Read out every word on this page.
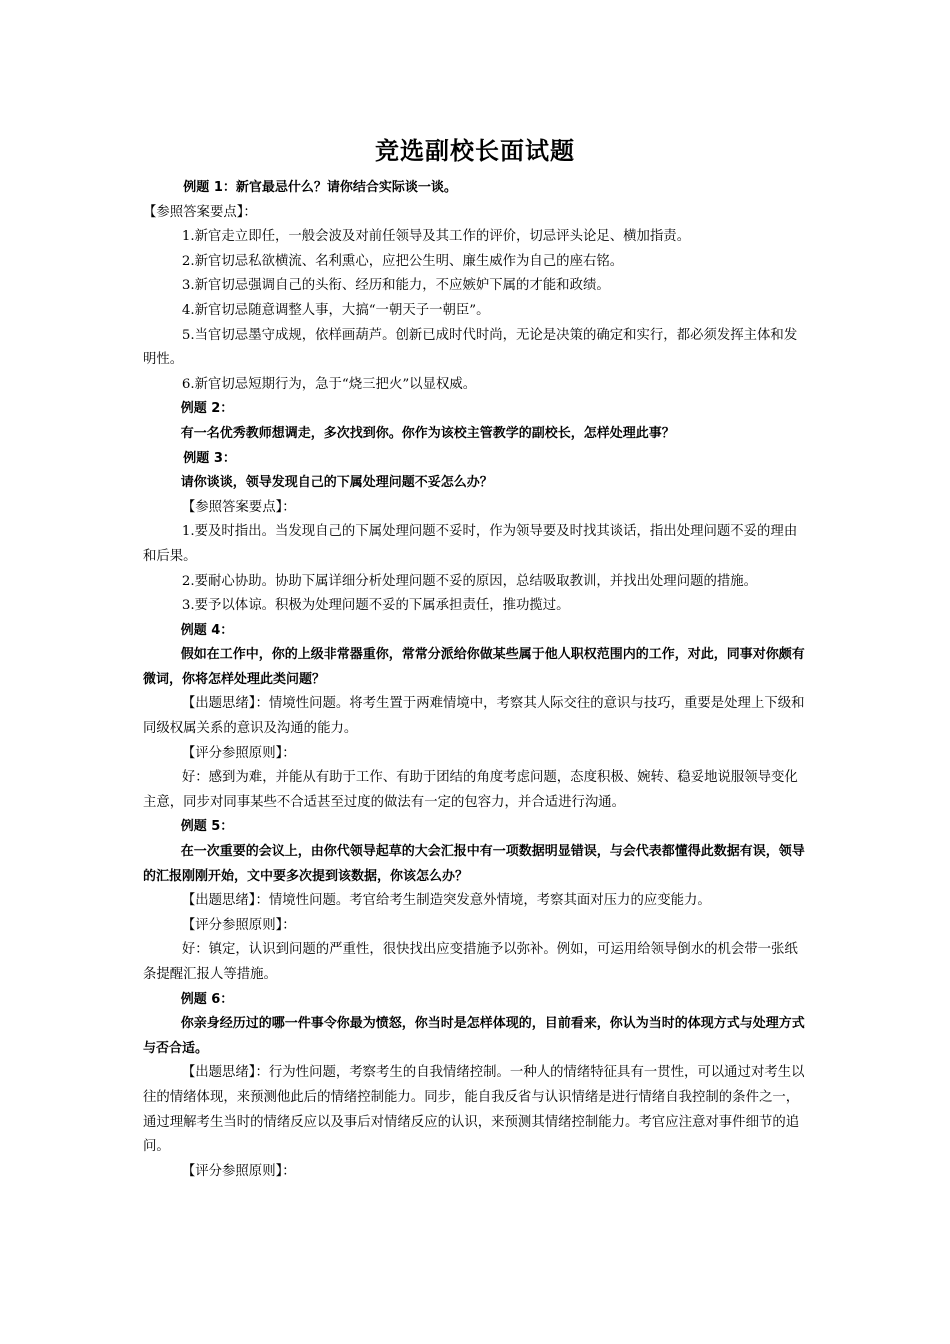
竞选副校长面试题

例题 1：新官最忌什么？请你结合实际谈一谈。

【参照答案要点】：

1.新官走立即任，一般会波及对前任领导及其工作的评价，切忌评头论足、横加指责。

2.新官切忌私欲横流、名利熏心，应把公生明、廉生威作为自己的座右铭。

3.新官切忌强调自己的头衔、经历和能力，不应嫉妒下属的才能和政绩。

4.新官切忌随意调整人事，大搞“一朝天子一朝臣”。

5.当官切忌墨守成规，依样画葫芦。创新已成时代时尚，无论是决策的确定和实行，都必须发挥主体和发明性。

6.新官切忌短期行为，急于“烧三把火”以显权威。

例题 2：

有一名优秀教师想调走，多次找到你。你作为该校主管教学的副校长，怎样处理此事？

例题 3：

请你谈谈，领导发现自己的下属处理问题不妥怎么办？

【参照答案要点】：

1.要及时指出。当发现自己的下属处理问题不妥时，作为领导要及时找其谈话，指出处理问题不妥的理由和后果。

2.要耐心协助。协助下属详细分析处理问题不妥的原因，总结吸取教训，并找出处理问题的措施。

3.要予以体谅。积极为处理问题不妥的下属承担责任，推功揽过。

例题 4：

假如在工作中，你的上级非常器重你，常常分派给你做某些属于他人职权范围内的工作，对此，同事对你颇有微词，你将怎样处理此类问题？

【出题思绪】：情境性问题。将考生置于两难情境中，考察其人际交往的意识与技巧，重要是处理上下级和同级权属关系的意识及沟通的能力。

【评分参照原则】：

好：感到为难，并能从有助于工作、有助于团结的角度考虑问题，态度积极、婉转、稳妥地说服领导变化主意，同步对同事某些不合适甚至过度的做法有一定的包容力，并合适进行沟通。

例题 5：

在一次重要的会议上，由你代领导起草的大会汇报中有一项数据明显错误，与会代表都懂得此数据有误，领导的汇报刚刚开始，文中要多次提到该数据，你该怎么办？

【出题思绪】：情境性问题。考官给考生制造突发意外情境，考察其面对压力的应变能力。

【评分参照原则】：

好：镇定，认识到问题的严重性，很快找出应变措施予以弥补。例如，可运用给领导倒水的机会带一张纸条提醒汇报人等措施。

例题 6：

你亲身经历过的哪一件事令你最为愤怒，你当时是怎样体现的，目前看来，你认为当时的体现方式与处理方式与否合适。

【出题思绪】：行为性问题，考察考生的自我情绪控制。一种人的情绪特征具有一贯性，可以通过对考生以往的情绪体现，来预测他此后的情绪控制能力。同步，能自我反省与认识情绪是进行情绪自我控制的条件之一，通过理解考生当时的情绪反应以及事后对情绪反应的认识，来预测其情绪控制能力。考官应注意对事件细节的追问。

【评分参照原则】：
